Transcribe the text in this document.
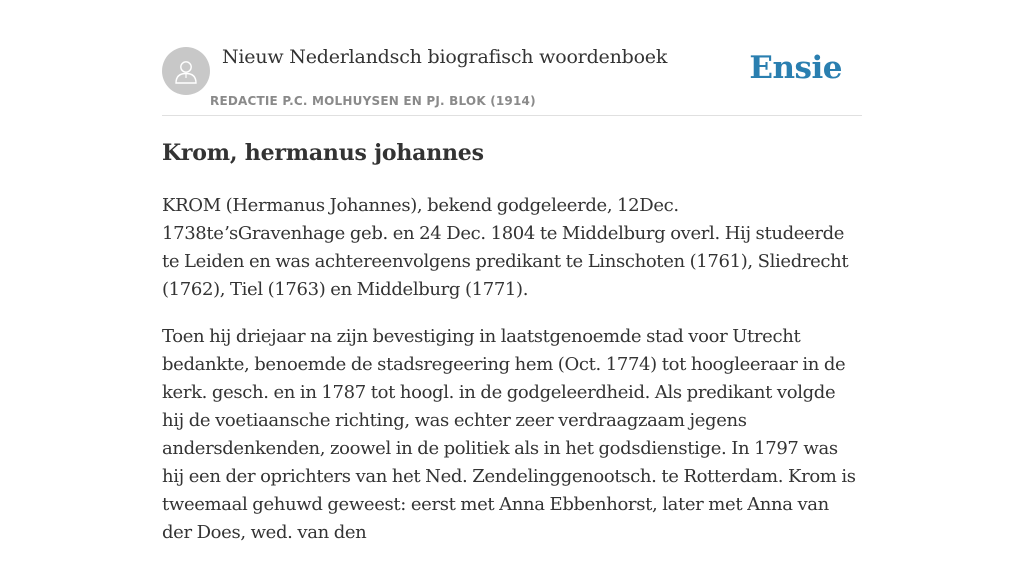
Nieuw Nederlandsch biografisch woordenboek
REDACTIE P.C. MOLHUYSEN EN PJ. BLOK (1914)
Ensie
Krom, hermanus johannes

KROM (Hermanus Johannes), bekend godgeleerde, 12Dec. 1738teʼsGravenhage geb. en 24 Dec. 1804 te Middelburg overl. Hij studeerde te Leiden en was achtereenvolgens predikant te Linschoten (1761), Sliedrecht (1762), Tiel (1763) en Middelburg (1771).

Toen hij driejaar na zijn bevestiging in laatstgenoemde stad voor Utrecht bedankte, benoemde de stadsregeering hem (Oct. 1774) tot hoogleeraar in de kerk. gesch. en in 1787 tot hoogl. in de godgeleerdheid. Als predikant volgde hij de voetiaansche richting, was echter zeer verdraagzaam jegens andersdenkenden, zoowel in de politiek als in het godsdienstige. In 1797 was hij een der oprichters van het Ned. Zendelinggenootsch. te Rotterdam. Krom is tweemaal gehuwd geweest: eerst met Anna Ebbenhorst, later met Anna van der Does, wed. van den
